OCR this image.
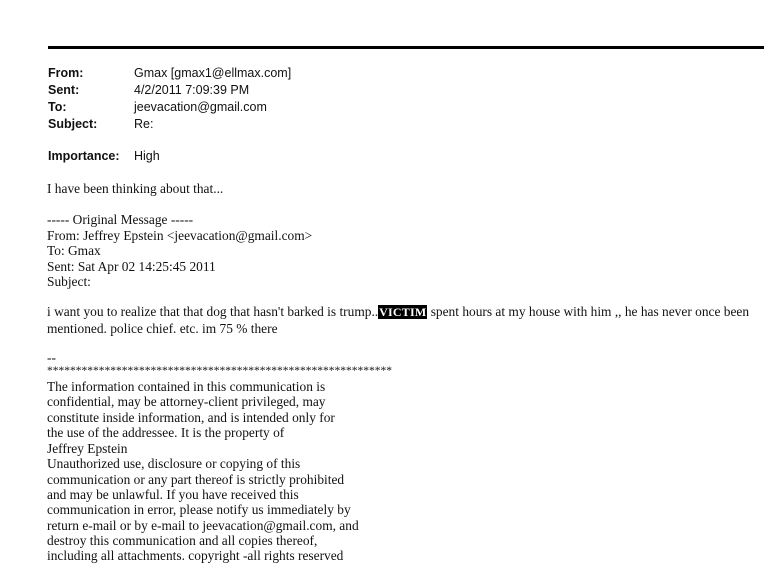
From:	Gmax [gmax1@ellmax.com]
Sent:	4/2/2011 7:09:39 PM
To:	jeevacation@gmail.com
Subject:	Re:
Importance: High
I have been thinking about that...
----- Original Message -----
From: Jeffrey Epstein <jeevacation@gmail.com>
To: Gmax
Sent: Sat Apr 02 14:25:45 2011
Subject:
i want you to realize that that dog that hasn't barked is trump..VICTIM spent hours at my house with him ,, he has never once been mentioned. police chief. etc. im 75 % there
--
************************************************************
The information contained in this communication is
confidential, may be attorney-client privileged, may
constitute inside information, and is intended only for
the use of the addressee. It is the property of
Jeffrey Epstein
Unauthorized use, disclosure or copying of this
communication or any part thereof is strictly prohibited
and may be unlawful. If you have received this
communication in error, please notify us immediately by
return e-mail or by e-mail to jeevacation@gmail.com, and
destroy this communication and all copies thereof,
including all attachments. copyright -all rights reserved
